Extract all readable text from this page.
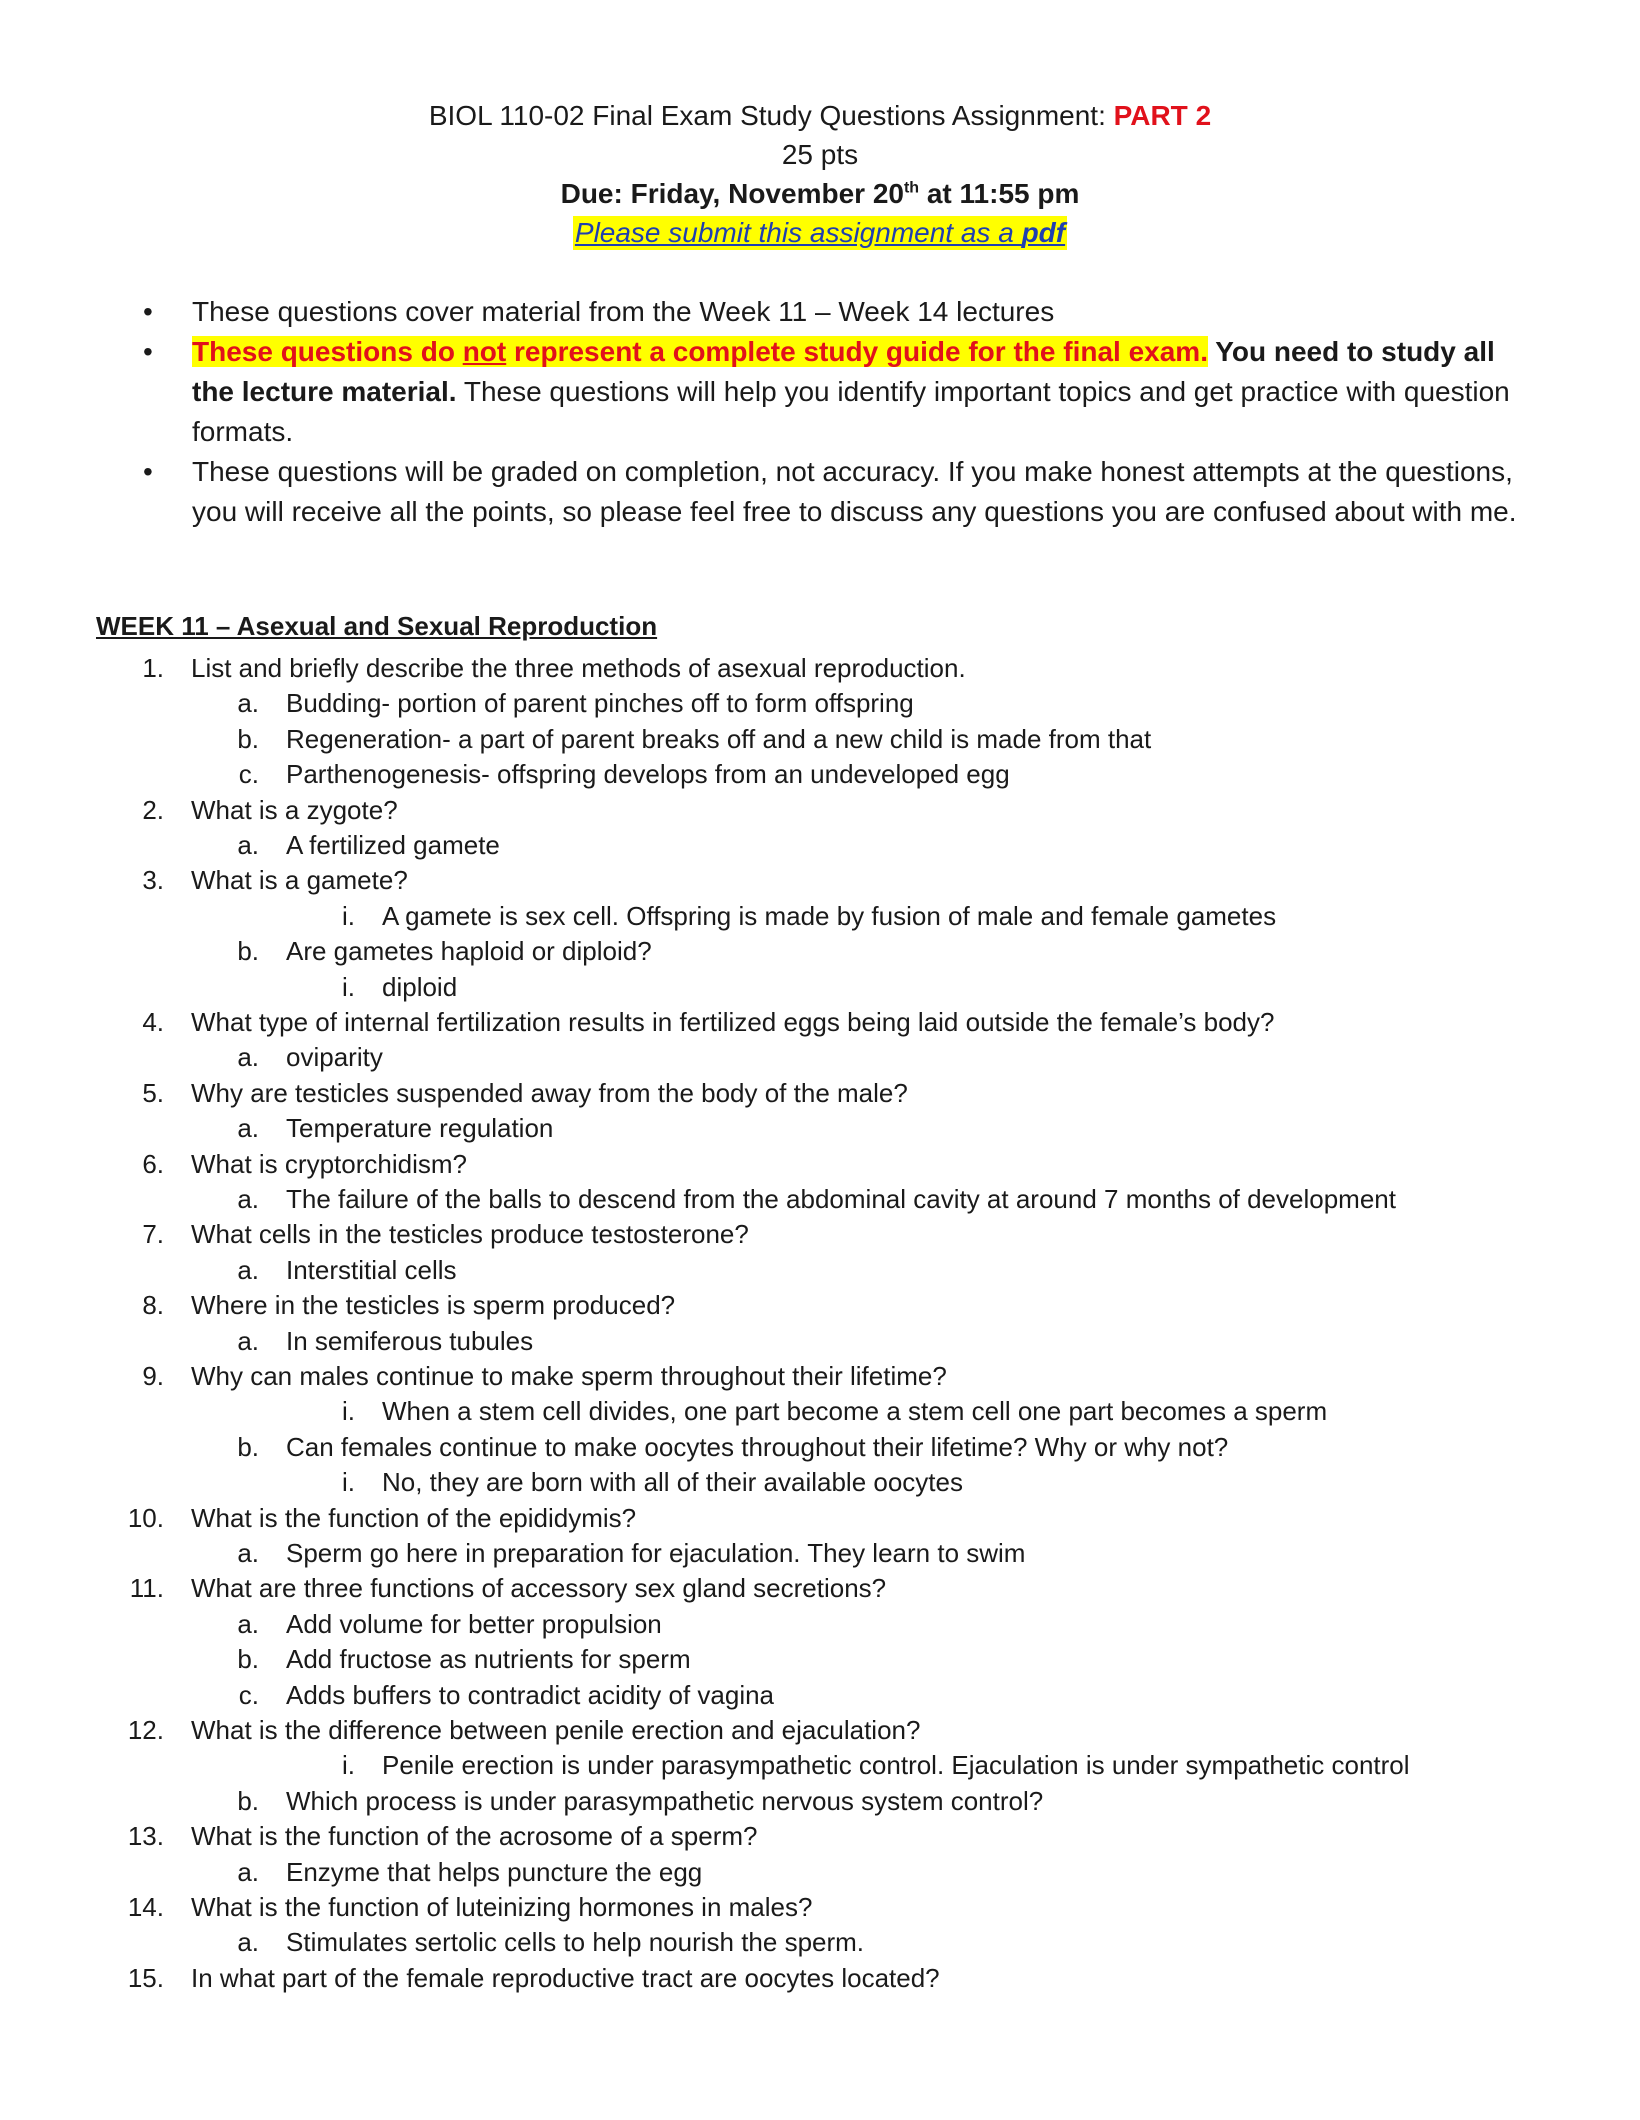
BIOL 110-02 Final Exam Study Questions Assignment: PART 2
25 pts
Due: Friday, November 20th at 11:55 pm
Please submit this assignment as a pdf
•	These questions cover material from the Week 11 – Week 14 lectures
•	These questions do not represent a complete study guide for the final exam. You need to study all the lecture material. These questions will help you identify important topics and get practice with question formats.
•	These questions will be graded on completion, not accuracy. If you make honest attempts at the questions, you will receive all the points, so please feel free to discuss any questions you are confused about with me.
WEEK 11 – Asexual and Sexual Reproduction
1. List and briefly describe the three methods of asexual reproduction.
a. Budding- portion of parent pinches off to form offspring
b. Regeneration- a part of parent breaks off and a new child is made from that
c. Parthenogenesis- offspring develops from an undeveloped egg
2. What is a zygote?
a. A fertilized gamete
3. What is a gamete?
i. A gamete is sex cell. Offspring is made by fusion of male and female gametes
b. Are gametes haploid or diploid?
i. diploid
4. What type of internal fertilization results in fertilized eggs being laid outside the female’s body?
a. oviparity
5. Why are testicles suspended away from the body of the male?
a. Temperature regulation
6. What is cryptorchidism?
a. The failure of the balls to descend from the abdominal cavity at around 7 months of development
7. What cells in the testicles produce testosterone?
a. Interstitial cells
8. Where in the testicles is sperm produced?
a. In semiferous tubules
9. Why can males continue to make sperm throughout their lifetime?
i. When a stem cell divides, one part become a stem cell one part becomes a sperm
b. Can females continue to make oocytes throughout their lifetime? Why or why not?
i. No, they are born with all of their available oocytes
10. What is the function of the epididymis?
a. Sperm go here in preparation for ejaculation. They learn to swim
11. What are three functions of accessory sex gland secretions?
a. Add volume for better propulsion
b. Add fructose as nutrients for sperm
c. Adds buffers to contradict acidity of vagina
12. What is the difference between penile erection and ejaculation?
i. Penile erection is under parasympathetic control. Ejaculation is under sympathetic control
b. Which process is under parasympathetic nervous system control?
13. What is the function of the acrosome of a sperm?
a. Enzyme that helps puncture the egg
14. What is the function of luteinizing hormones in males?
a. Stimulates sertolic cells to help nourish the sperm.
15. In what part of the female reproductive tract are oocytes located?
